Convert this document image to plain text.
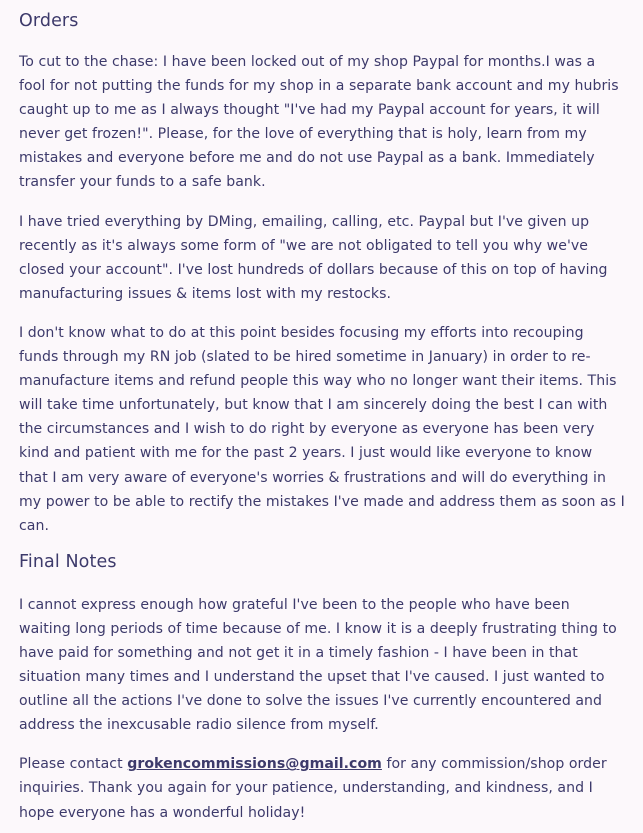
Orders

To cut to the chase: I have been locked out of my shop Paypal for months.I was a fool for not putting the funds for my shop in a separate bank account and my hubris caught up to me as I always thought "I've had my Paypal account for years, it will never get frozen!". Please, for the love of everything that is holy, learn from my mistakes and everyone before me and do not use Paypal as a bank. Immediately transfer your funds to a safe bank.

I have tried everything by DMing, emailing, calling, etc. Paypal but I've given up recently as it's always some form of "we are not obligated to tell you why we've closed your account". I've lost hundreds of dollars because of this on top of having manufacturing issues & items lost with my restocks.

I don't know what to do at this point besides focusing my efforts into recouping funds through my RN job (slated to be hired sometime in January) in order to re-manufacture items and refund people this way who no longer want their items. This will take time unfortunately, but know that I am sincerely doing the best I can with the circumstances and I wish to do right by everyone as everyone has been very kind and patient with me for the past 2 years. I just would like everyone to know that I am very aware of everyone's worries & frustrations and will do everything in my power to be able to rectify the mistakes I've made and address them as soon as I can.

Final Notes

I cannot express enough how grateful I've been to the people who have been waiting long periods of time because of me. I know it is a deeply frustrating thing to have paid for something and not get it in a timely fashion - I have been in that situation many times and I understand the upset that I've caused. I just wanted to outline all the actions I've done to solve the issues I've currently encountered and address the inexcusable radio silence from myself.

Please contact grokencommissions@gmail.com for any commission/shop order inquiries. Thank you again for your patience, understanding, and kindness, and I hope everyone has a wonderful holiday!
